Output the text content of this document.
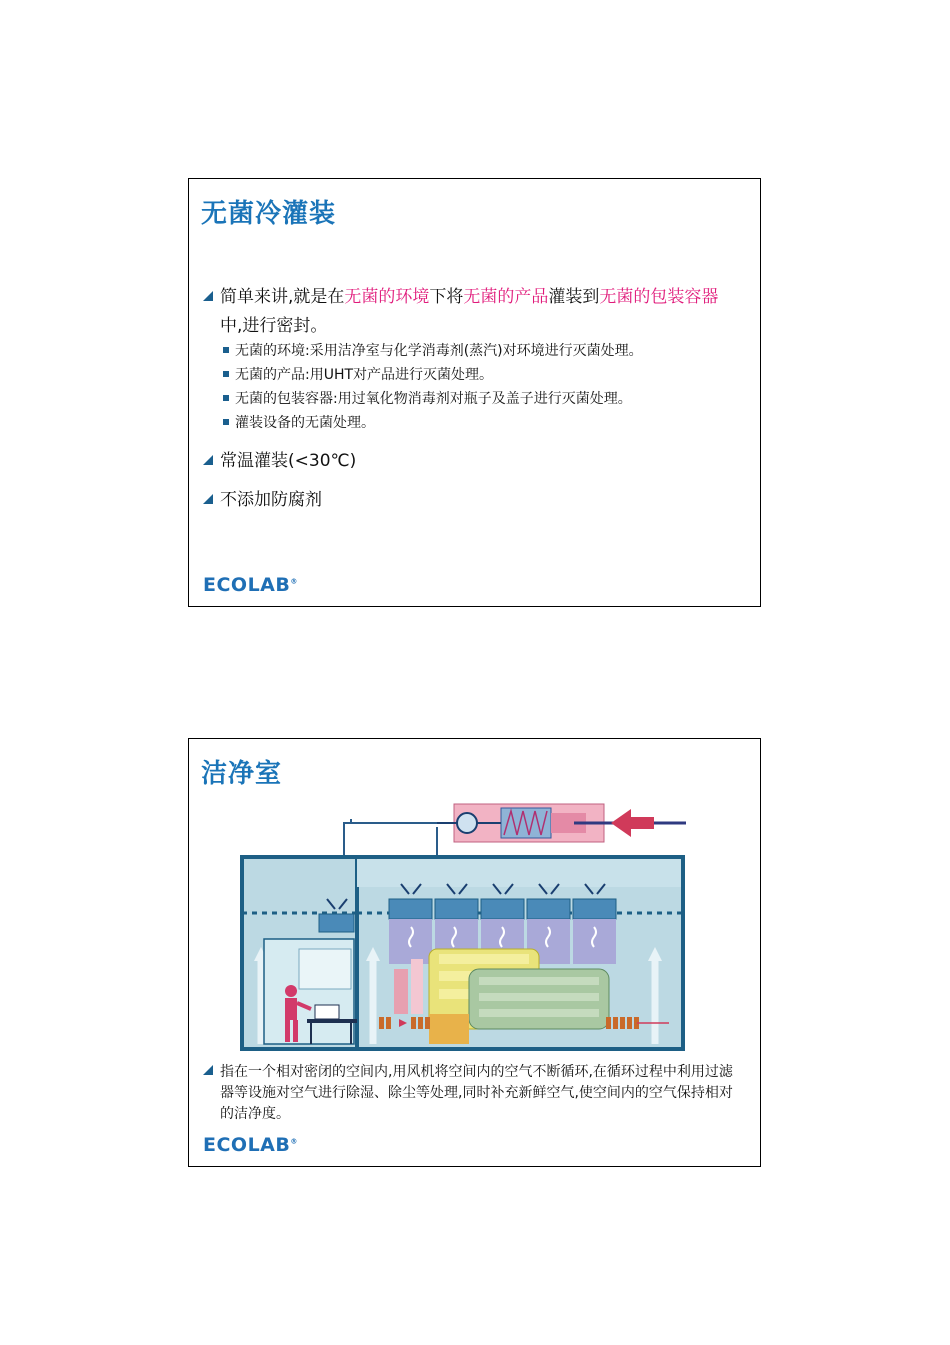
无菌冷灌装
简单来讲,就是在无菌的环境下将无菌的产品灌装到无菌的包装容器中,进行密封。
无菌的环境:采用洁净室与化学消毒剂(蒸汽)对环境进行灭菌处理。
无菌的产品:用UHT对产品进行灭菌处理。
无菌的包装容器:用过氧化物消毒剂对瓶子及盖子进行灭菌处理。
灌装设备的无菌处理。
常温灌装(<30℃)
不添加防腐剂
ECOLAB®
洁净室
指在一个相对密闭的空间内,用风机将空间内的空气不断循环,在循环过程中利用过滤器等设施对空气进行除湿、除尘等处理,同时补充新鲜空气,使空间内的空气保持相对的洁净度。
ECOLAB®
